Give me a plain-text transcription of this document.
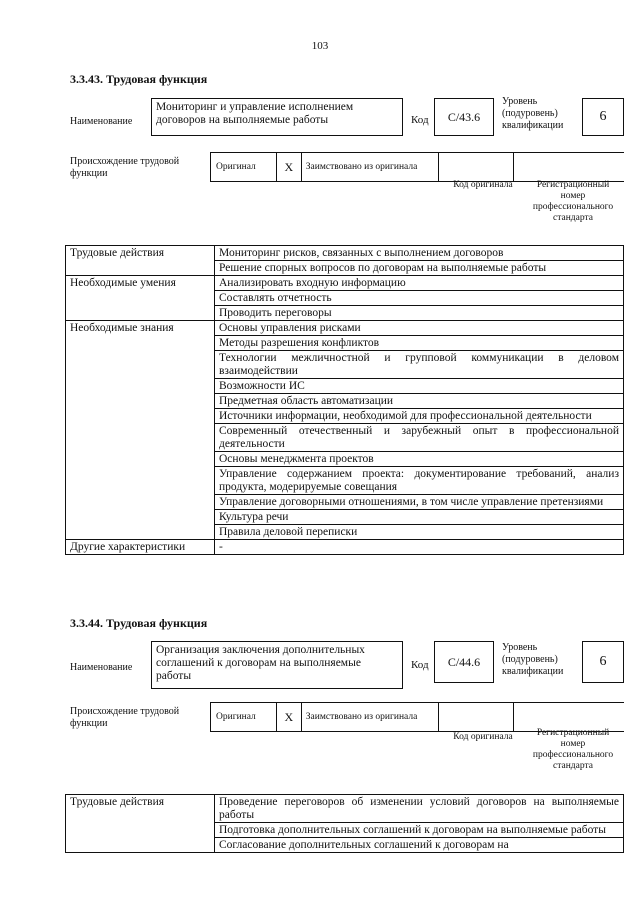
103
3.3.43. Трудовая функция
Наименование
Мониторинг и управление исполнением договоров на выполняемые работы	Код	C/43.6
Уровень (подуровень) квалификации
6
Происхождение трудовой функции
Оригинал	X	Заимствовано из оригинала
Код оригинала	Регистрационный номер профессионального стандарта
Трудовые действия	Мониторинг рисков, связанных с выполнением договоров
	Решение спорных вопросов по договорам на выполняемые работы
Необходимые умения	Анализировать входную информацию
	Составлять отчетность
	Проводить переговоры
Необходимые знания	Основы управления рисками
	Методы разрешения конфликтов
	Технологии межличностной и групповой коммуникации в деловом взаимодействии
	Возможности ИС
	Предметная область автоматизации
	Источники информации, необходимой для профессиональной деятельности
	Современный отечественный и зарубежный опыт в профессиональной деятельности
	Основы менеджмента проектов
	Управление содержанием проекта: документирование требований, анализ продукта, модерируемые совещания
	Управление договорными отношениями, в том числе управление претензиями
	Культура речи
	Правила деловой переписки
Другие характеристики	-
3.3.44. Трудовая функция
Наименование
Организация заключения дополнительных соглашений к договорам на выполняемые работы
Код	C/44.6
Уровень (подуровень) квалификации
6
Происхождение трудовой функции
Оригинал	X	Заимствовано из оригинала
Код оригинала	Регистрационный номер профессионального стандарта
Трудовые действия	Проведение переговоров об изменении условий договоров на выполняемые работы
Подготовка дополнительных соглашений к договорам на выполняемые работы
Согласование дополнительных соглашений к договорам на
